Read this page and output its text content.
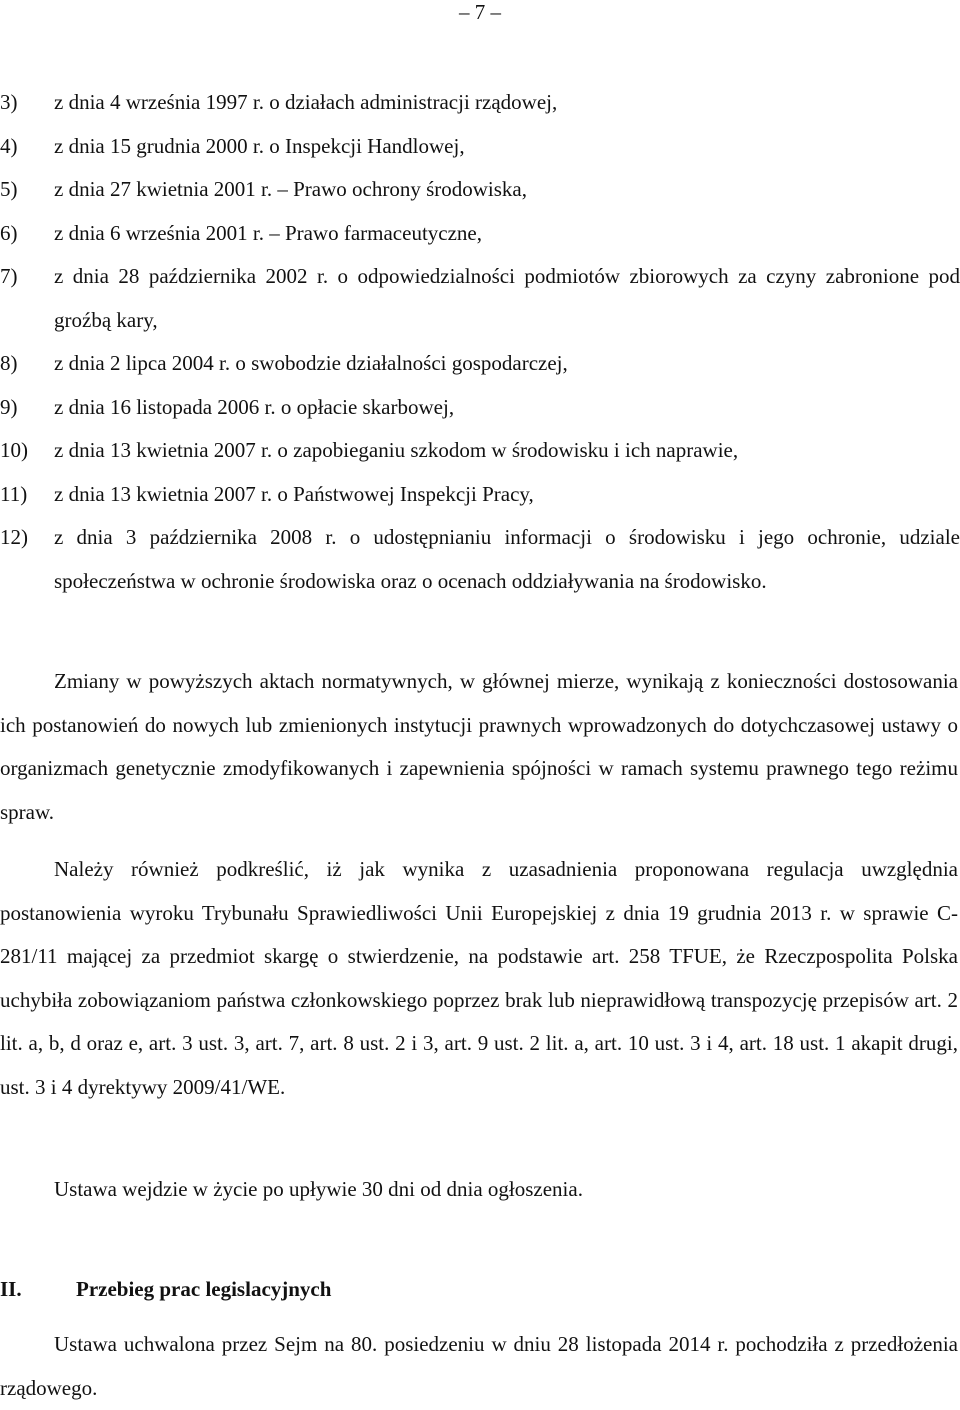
– 7 –
3)	z dnia 4 września 1997 r. o działach administracji rządowej,
4)	z dnia 15 grudnia 2000 r. o Inspekcji Handlowej,
5)	z dnia 27 kwietnia 2001 r. – Prawo ochrony środowiska,
6)	z dnia 6 września 2001 r. – Prawo farmaceutyczne,
7)	z dnia 28 października 2002 r. o odpowiedzialności podmiotów zbiorowych za czyny zabronione pod groźbą kary,
8)	z dnia 2 lipca 2004 r. o swobodzie działalności gospodarczej,
9)	z dnia 16 listopada 2006 r. o opłacie skarbowej,
10)	z dnia 13 kwietnia 2007 r. o zapobieganiu szkodom w środowisku i ich naprawie,
11)	z dnia 13 kwietnia 2007 r. o Państwowej Inspekcji Pracy,
12)	z dnia 3 października 2008 r. o udostępnianiu informacji o środowisku i jego ochronie, udziale społeczeństwa w ochronie środowiska oraz o ocenach oddziaływania na środowisko.

Zmiany w powyższych aktach normatywnych, w głównej mierze, wynikają z konieczności dostosowania ich postanowień do nowych lub zmienionych instytucji prawnych wprowadzonych do dotychczasowej ustawy o organizmach genetycznie zmodyfikowanych i zapewnienia spójności w ramach systemu prawnego tego reżimu spraw.

Należy również podkreślić, iż jak wynika z uzasadnienia proponowana regulacja uwzględnia postanowienia wyroku Trybunału Sprawiedliwości Unii Europejskiej z dnia 19 grudnia 2013 r. w sprawie C-281/11 mającej za przedmiot skargę o stwierdzenie, na podstawie art. 258 TFUE, że Rzeczpospolita Polska uchybiła zobowiązaniom państwa członkowskiego poprzez brak lub nieprawidłową transpozycję przepisów art. 2 lit. a, b, d oraz e, art. 3 ust. 3, art. 7, art. 8 ust. 2 i 3, art. 9 ust. 2 lit. a, art. 10 ust. 3 i 4, art. 18 ust. 1 akapit drugi, ust. 3 i 4 dyrektywy 2009/41/WE.

Ustawa wejdzie w życie po upływie 30 dni od dnia ogłoszenia.

II.	Przebieg prac legislacyjnych

Ustawa uchwalona przez Sejm na 80. posiedzeniu w dniu 28 listopada 2014 r. pochodziła z przedłożenia rządowego.
